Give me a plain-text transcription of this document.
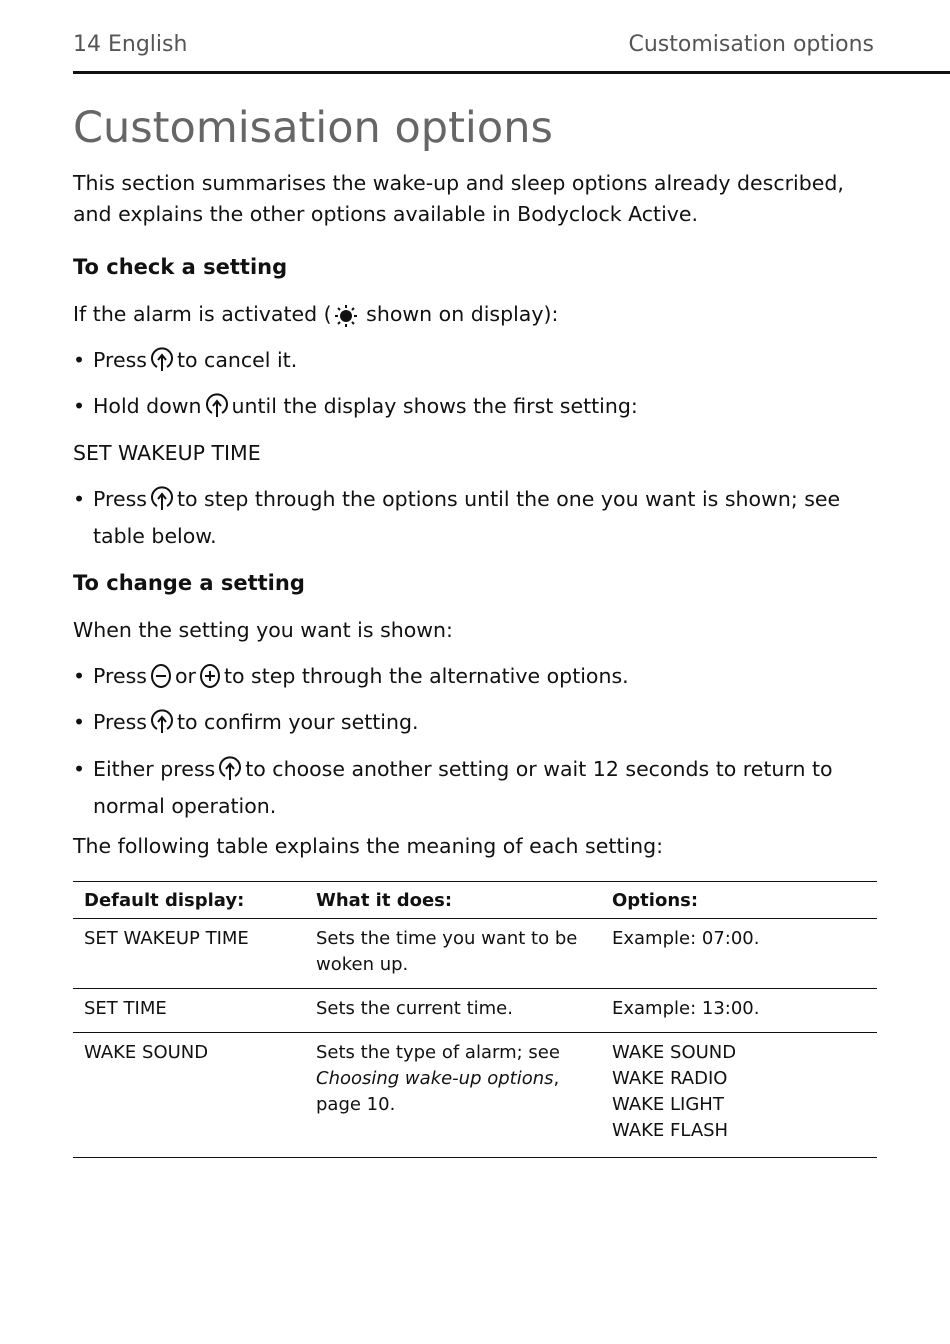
14 English	Customisation options
Customisation options

This section summarises the wake-up and sleep options already described, and explains the other options available in Bodyclock Active.

To check a setting

If the alarm is activated ( shown on display):

• Press to cancel it.
• Hold down until the display shows the first setting:

SET WAKEUP TIME

• Press to step through the options until the one you want is shown; see table below.
To change a setting

When the setting you want is shown:

• Press or to step through the alternative options.
• Press to confirm your setting.
• Either press to choose another setting or wait 12 seconds to return to normal operation.

The following table explains the meaning of each setting:

Default display:	What it does:	Options:
SET WAKEUP TIME	Sets the time you want to be woken up.	Example: 07:00.
SET TIME	Sets the current time.	Example: 13:00.
WAKE SOUND	Sets the type of alarm; see Choosing wake-up options, page 10.	WAKE SOUND
WAKE RADIO
WAKE LIGHT
WAKE FLASH
